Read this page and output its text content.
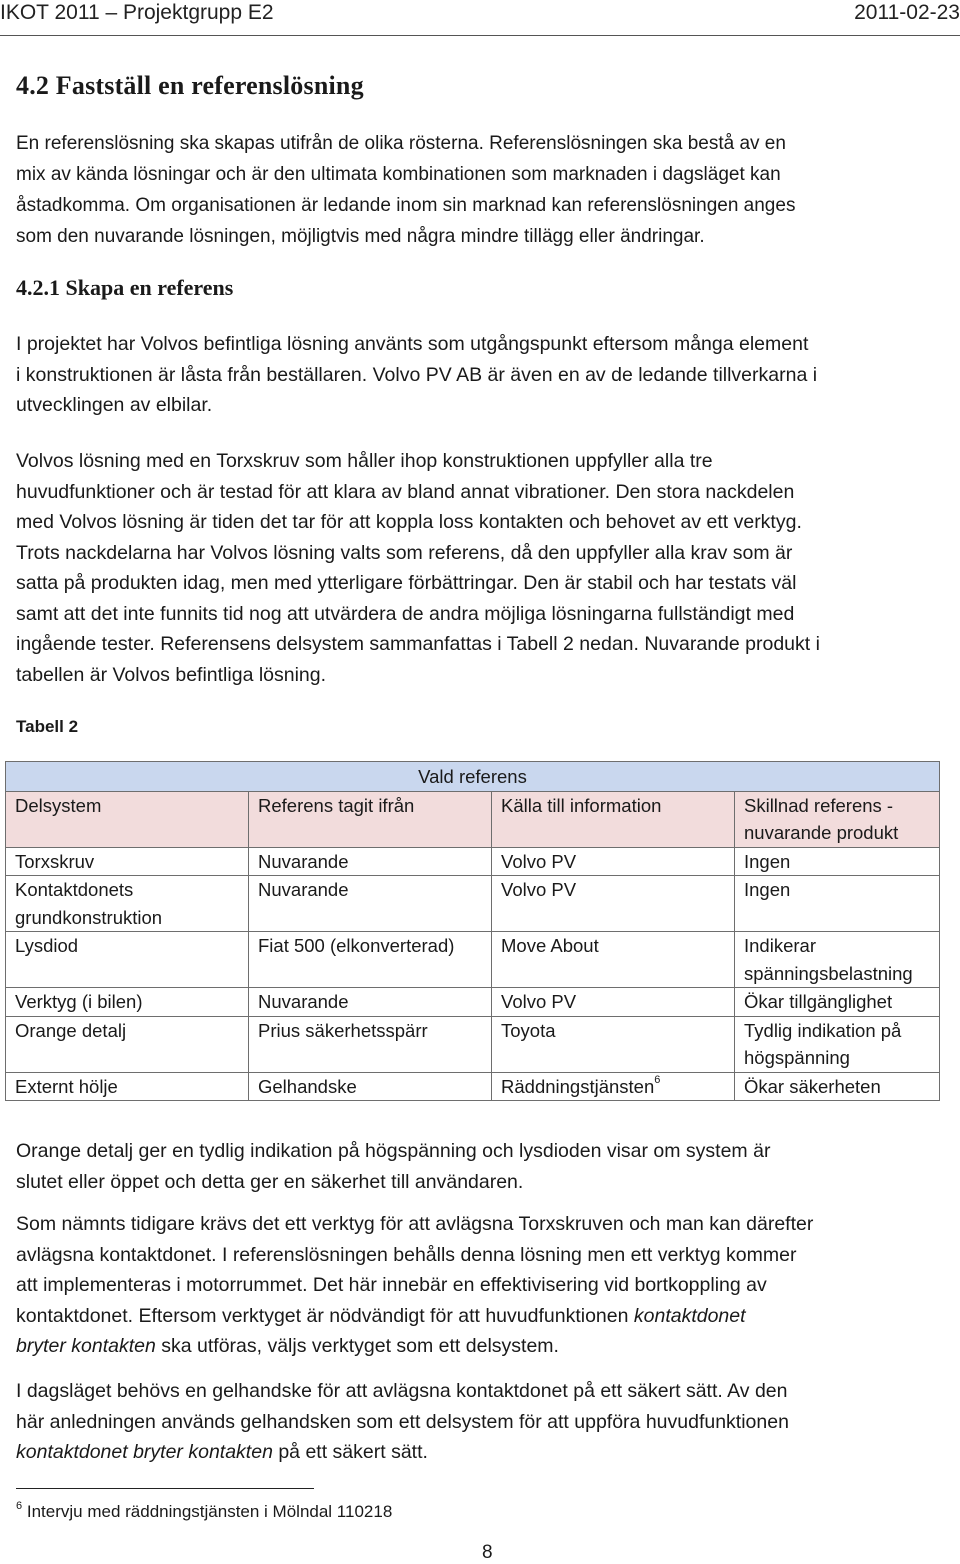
IKOT 2011 – Projektgrupp E2	2011-02-23
4.2 Fastställ en referenslösning
En referenslösning ska skapas utifrån de olika rösterna. Referenslösningen ska bestå av en
mix av kända lösningar och är den ultimata kombinationen som marknaden i dagsläget kan
åstadkomma. Om organisationen är ledande inom sin marknad kan referenslösningen anges
som den nuvarande lösningen, möjligtvis med några mindre tillägg eller ändringar.
4.2.1 Skapa en referens
I projektet har Volvos befintliga lösning använts som utgångspunkt eftersom många element
i konstruktionen är låsta från beställaren. Volvo PV AB är även en av de ledande tillverkarna i
utvecklingen av elbilar.
Volvos lösning med en Torxskruv som håller ihop konstruktionen uppfyller alla tre
huvudfunktioner och är testad för att klara av bland annat vibrationer. Den stora nackdelen
med Volvos lösning är tiden det tar för att koppla loss kontakten och behovet av ett verktyg.
Trots nackdelarna har Volvos lösning valts som referens, då den uppfyller alla krav som är
satta på produkten idag, men med ytterligare förbättringar. Den är stabil och har testats väl
samt att det inte funnits tid nog att utvärdera de andra möjliga lösningarna fullständigt med
ingående tester. Referensens delsystem sammanfattas i Tabell 2 nedan. Nuvarande produkt i
tabellen är Volvos befintliga lösning.
Tabell 2
Vald referens			
Delsystem	Referens tagit ifrån	Källa till information	Skillnad referens - nuvarande produkt
Torxskruv	Nuvarande	Volvo PV	Ingen
Kontaktdonets grundkonstruktion	Nuvarande	Volvo PV	Ingen
Lysdiod	Fiat 500 (elkonverterad)	Move About	Indikerar spänningsbelastning
Verktyg (i bilen)	Nuvarande	Volvo PV	Ökar tillgänglighet
Orange detalj	Prius säkerhetsspärr	Toyota	Tydlig indikation på högspänning
Externt hölje	Gelhandske	Räddningstjänsten$^6$	Ökar säkerheten
Orange detalj ger en tydlig indikation på högspänning och lysdioden visar om system är
slutet eller öppet och detta ger en säkerhet till användaren.
Som nämnts tidigare krävs det ett verktyg för att avlägsna Torxskruven och man kan därefter
avlägsna kontaktdonet. I referenslösningen behålls denna lösning men ett verktyg kommer
att implementeras i motorrummet. Det här innebär en effektivisering vid bortkoppling av
kontaktdonet. Eftersom verktyget är nödvändigt för att huvudfunktionen kontaktdonet
bryter kontakten ska utföras, väljs verktyget som ett delsystem.
I dagsläget behövs en gelhandske för att avlägsna kontaktdonet på ett säkert sätt. Av den
här anledningen används gelhandsken som ett delsystem för att uppföra huvudfunktionen
kontaktdonet bryter kontakten på ett säkert sätt.
$^6$ Intervju med räddningstjänsten i Mölndal 110218
8
